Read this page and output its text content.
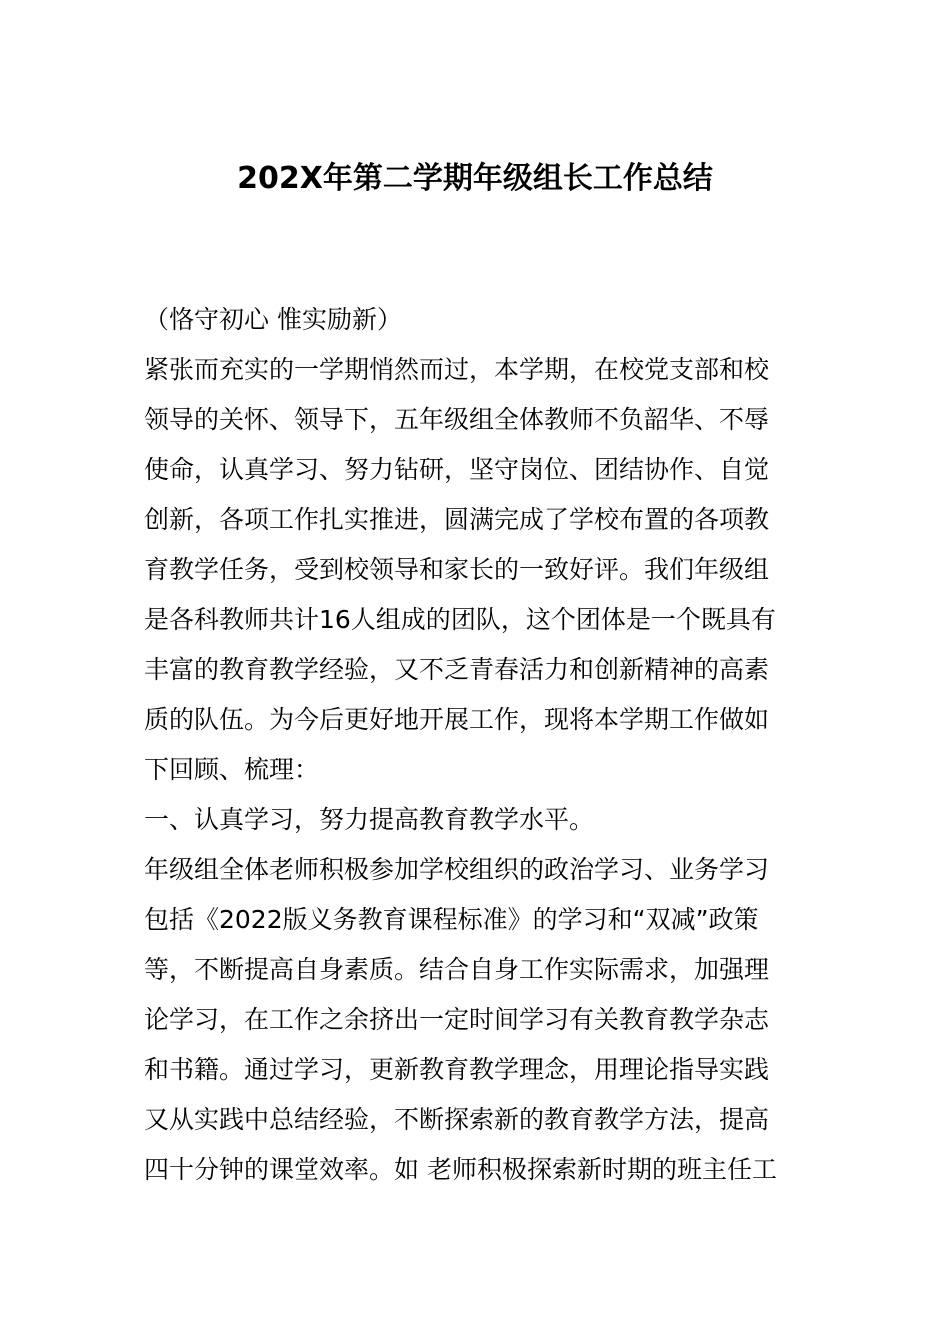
202X年第二学期年级组长工作总结
（恪守初心 惟实励新）
紧张而充实的一学期悄然而过，本学期，在校党支部和校
领导的关怀、领导下，五年级组全体教师不负韶华、不辱
使命，认真学习、努力钻研，坚守岗位、团结协作、自觉
创新，各项工作扎实推进，圆满完成了学校布置的各项教
育教学任务，受到校领导和家长的一致好评。我们年级组
是各科教师共计16人组成的团队，这个团体是一个既具有
丰富的教育教学经验，又不乏青春活力和创新精神的高素
质的队伍。为今后更好地开展工作，现将本学期工作做如
下回顾、梳理：
一、认真学习，努力提高教育教学水平。
年级组全体老师积极参加学校组织的政治学习、业务学习
包括《2022版义务教育课程标准》的学习和“双减”政策
等，不断提高自身素质。结合自身工作实际需求，加强理
论学习，在工作之余挤出一定时间学习有关教育教学杂志
和书籍。通过学习，更新教育教学理念，用理论指导实践
又从实践中总结经验，不断探索新的教育教学方法，提高
四十分钟的课堂效率。如 老师积极探索新时期的班主任工
